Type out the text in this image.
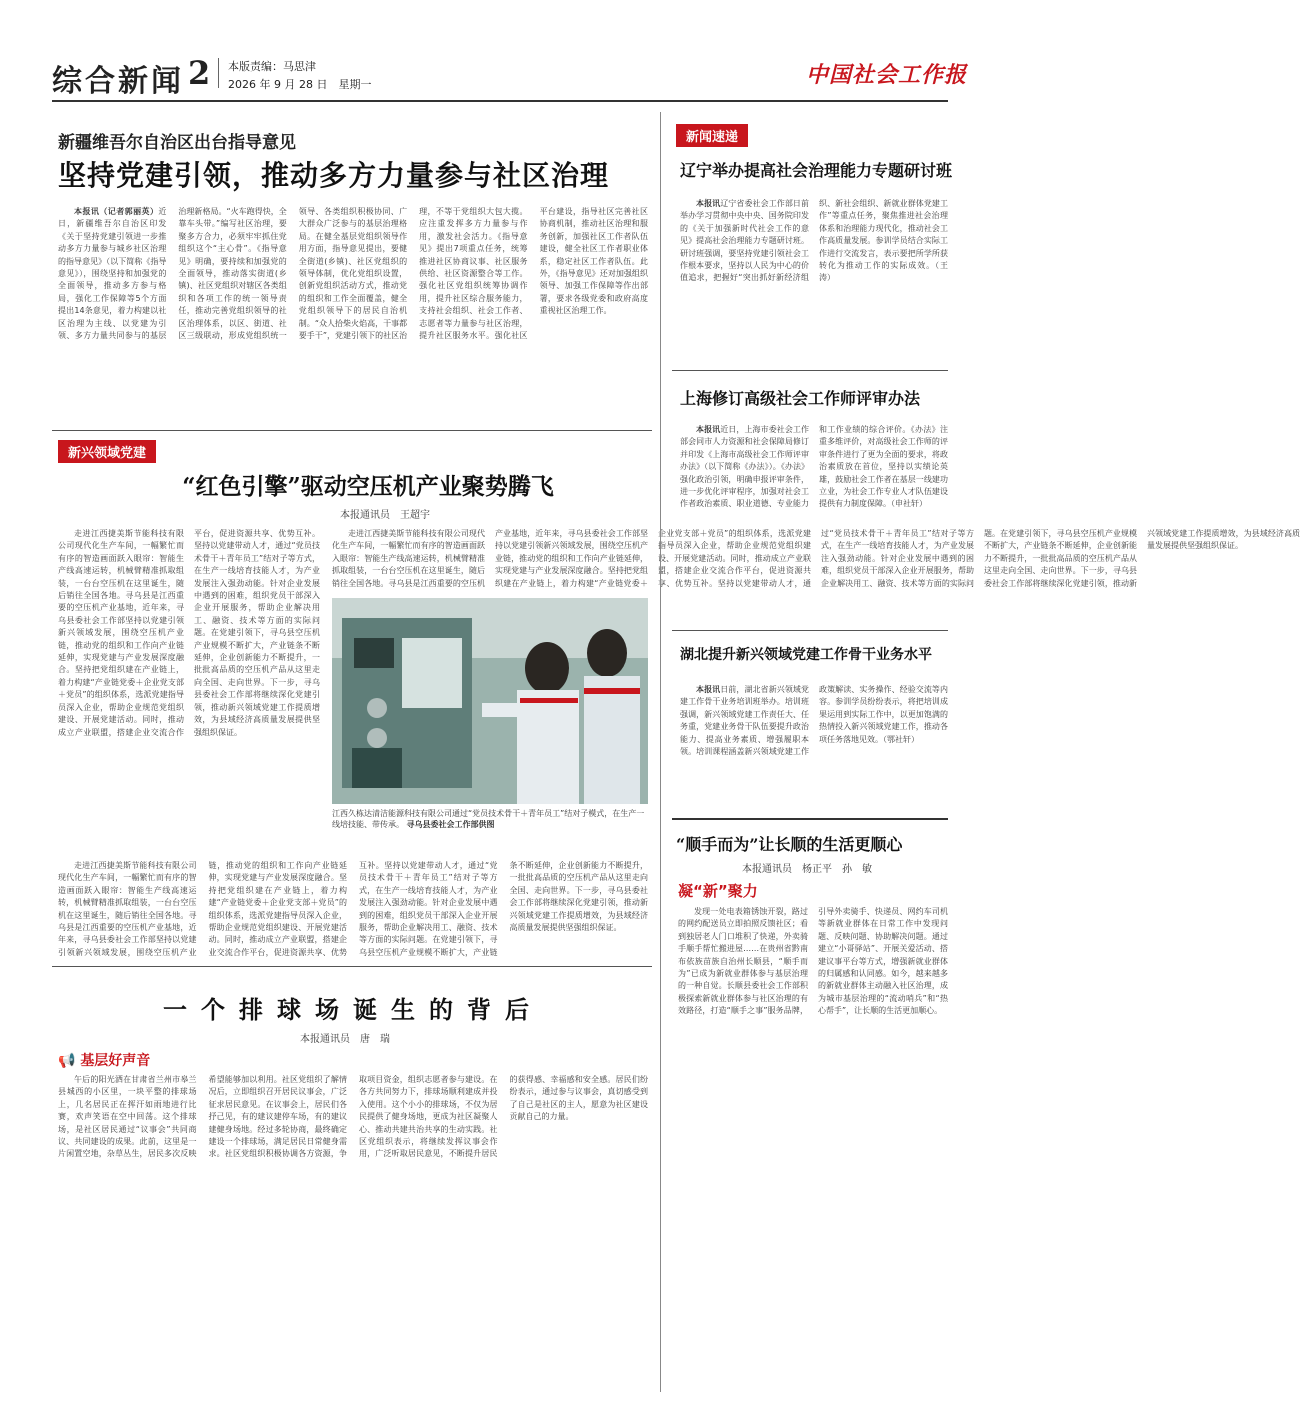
综合新闻 2 本版责编：马思津
2026 年 9 月 28 日　星期一	中国社会工作报
新疆维吾尔自治区出台指导意见
坚持党建引领，推动多方力量参与社区治理

本报讯（记者郭丽英）近日，新疆维吾尔自治区印发《关于坚持党建引领进一步推动多方力量参与城乡社区治理的指导意见》（以下简称《指导意见》），围绕坚持和加强党的全面领导，推动多方参与格局，强化工作保障等5个方面提出14条意见，着力构建以社区治理为主线、以党建为引领、多方力量共同参与的基层治理新格局。“火车跑得快，全靠车头带。”编写社区治理，要聚多方合力，必须牢牢抓住党组织这个“主心骨”。《指导意见》明确，要持续和加强党的全面领导，推动落实街道(乡镇)、社区党组织对辖区各类组织和各项工作的统一领导责任，推动完善党组织领导的社区治理体系，以区、街道、社区三级联动，形成党组织统一领导、各类组织积极协同、广大群众广泛参与的基层治理格局。在健全基层党组织领导作用方面，指导意见提出，要健全街道(乡镇)、社区党组织的领导体制，优化党组织设置，创新党组织活动方式，推动党的组织和工作全面覆盖，健全党组织领导下的居民自治机制。“众人拾柴火焰高，干事都要手干”，党建引领下的社区治理，不等于党组织大包大揽。应注重发挥多方力量参与作用，激发社会活力。《指导意见》提出7项重点任务，统筹推进社区协商议事、社区服务供给、社区资源整合等工作。强化社区党组织统筹协调作用，提升社区综合服务能力，支持社会组织、社会工作者、志愿者等力量参与社区治理，提升社区服务水平。强化社区平台建设，指导社区完善社区协商机制，推动社区治理和服务创新，加强社区工作者队伍建设，健全社区工作者职业体系，稳定社区工作者队伍。此外，《指导意见》还对加强组织领导、加强工作保障等作出部署，要求各级党委和政府高度重视社区治理工作。

新兴领域党建
“红色引擎”驱动空压机产业聚势腾飞
本报通讯员　王超宇

走进江西捷美斯节能科技有限公司现代化生产车间，一幅繁忙而有序的智造画面跃入眼帘：智能生产线高速运转，机械臂精准抓取组装，一台台空压机在这里诞生，随后销往全国各地。寻乌县是江西重要的空压机产业基地，近年来，寻乌县委社会工作部坚持以党建引领新兴领域发展，围绕空压机产业链，推动党的组织和工作向产业链延伸，实现党建与产业发展深度融合。坚持把党组织建在产业链上，着力构建“产业链党委＋企业党支部＋党员”的组织体系，选派党建指导员深入企业，帮助企业规范党组织建设、开展党建活动。同时，推动成立产业联盟，搭建企业交流合作平台，促进资源共享、优势互补。坚持以党建带动人才，通过“党员技术骨干＋青年员工”结对子等方式，在生产一线培育技能人才，为产业发展注入强劲动能。针对企业发展中遇到的困难，组织党员干部深入企业开展服务，帮助企业解决用工、融资、技术等方面的实际问题。在党建引领下，寻乌县空压机产业规模不断扩大，产业链条不断延伸，企业创新能力不断提升，一批批高品质的空压机产品从这里走向全国、走向世界。下一步，寻乌县委社会工作部将继续深化党建引领，推动新兴领域党建工作提质增效，为县域经济高质量发展提供坚强组织保证。

江西久栋达清洁能源科技有限公司通过“党员技术骨干＋青年员工”结对子模式，在生产一线培技能、带传承。 寻乌县委社会工作部供图

走进江西捷美斯节能科技有限公司现代化生产车间，一幅繁忙而有序的智造画面跃入眼帘：智能生产线高速运转，机械臂精准抓取组装，一台台空压机在这里诞生，随后销往全国各地。寻乌县是江西重要的空压机产业基地，近年来，寻乌县委社会工作部坚持以党建引领新兴领域发展，围绕空压机产业链，推动党的组织和工作向产业链延伸，实现党建与产业发展深度融合。坚持把党组织建在产业链上，着力构建“产业链党委＋企业党支部＋党员”的组织体系，选派党建指导员深入企业，帮助企业规范党组织建设、开展党建活动。同时，推动成立产业联盟，搭建企业交流合作平台，促进资源共享、优势互补。坚持以党建带动人才，通过“党员技术骨干＋青年员工”结对子等方式，在生产一线培育技能人才，为产业发展注入强劲动能。针对企业发展中遇到的困难，组织党员干部深入企业开展服务，帮助企业解决用工、融资、技术等方面的实际问题。在党建引领下，寻乌县空压机产业规模不断扩大，产业链条不断延伸，企业创新能力不断提升，一批批高品质的空压机产品从这里走向全国、走向世界。下一步，寻乌县委社会工作部将继续深化党建引领，推动新兴领域党建工作提质增效，为县域经济高质量发展提供坚强组织保证。

走进江西捷美斯节能科技有限公司现代化生产车间，一幅繁忙而有序的智造画面跃入眼帘：智能生产线高速运转，机械臂精准抓取组装，一台台空压机在这里诞生，随后销往全国各地。寻乌县是江西重要的空压机产业基地，近年来，寻乌县委社会工作部坚持以党建引领新兴领域发展，围绕空压机产业链，推动党的组织和工作向产业链延伸，实现党建与产业发展深度融合。坚持把党组织建在产业链上，着力构建“产业链党委＋企业党支部＋党员”的组织体系，选派党建指导员深入企业，帮助企业规范党组织建设、开展党建活动。同时，推动成立产业联盟，搭建企业交流合作平台，促进资源共享、优势互补。坚持以党建带动人才，通过“党员技术骨干＋青年员工”结对子等方式，在生产一线培育技能人才，为产业发展注入强劲动能。针对企业发展中遇到的困难，组织党员干部深入企业开展服务，帮助企业解决用工、融资、技术等方面的实际问题。在党建引领下，寻乌县空压机产业规模不断扩大，产业链条不断延伸，企业创新能力不断提升，一批批高品质的空压机产品从这里走向全国、走向世界。下一步，寻乌县委社会工作部将继续深化党建引领，推动新兴领域党建工作提质增效，为县域经济高质量发展提供坚强组织保证。

一个排球场诞生的背后
本报通讯员　唐　瑞
📢 基层好声音

午后的阳光洒在甘肃省兰州市皋兰县城西的小区里，一块平整的排球场上，几名居民正在挥汗如雨地进行比赛，欢声笑语在空中回荡。这个排球场，是社区居民通过“议事会”共同商议、共同建设的成果。此前，这里是一片闲置空地，杂草丛生，居民多次反映希望能够加以利用。社区党组织了解情况后，立即组织召开居民议事会，广泛征求居民意见。在议事会上，居民们各抒己见，有的建议建停车场，有的建议建健身场地。经过多轮协商，最终确定建设一个排球场，满足居民日常健身需求。社区党组织积极协调各方资源，争取项目资金，组织志愿者参与建设。在各方共同努力下，排球场顺利建成并投入使用。这个小小的排球场，不仅为居民提供了健身场地，更成为社区凝聚人心、推动共建共治共享的生动实践。社区党组织表示，将继续发挥议事会作用，广泛听取居民意见，不断提升居民的获得感、幸福感和安全感。居民们纷纷表示，通过参与议事会，真切感受到了自己是社区的主人，愿意为社区建设贡献自己的力量。

新闻速递
辽宁举办提高社会治理能力专题研讨班

本报讯辽宁省委社会工作部日前举办学习贯彻中央中央、国务院印发的《关于加强新时代社会工作的意见》提高社会治理能力专题研讨班。研讨班强调，要坚持党建引领社会工作根本要求，坚持以人民为中心的价值追求，把握好“突出抓好新经济组织、新社会组织、新就业群体党建工作”等重点任务，聚焦推进社会治理体系和治理能力现代化，推动社会工作高质量发展。参训学员结合实际工作进行交流发言，表示要把所学所获转化为推动工作的实际成效。（王　涛）

上海修订高级社会工作师评审办法

本报讯近日，上海市委社会工作部会同市人力资源和社会保障局修订并印发《上海市高级社会工作师评审办法》（以下简称《办法》）。《办法》强化政治引领，明确申报评审条件，进一步优化评审程序，加强对社会工作者政治素质、职业道德、专业能力和工作业绩的综合评价。《办法》注重多维评价，对高级社会工作师的评审条件进行了更为全面的要求，将政治素质放在首位，坚持以实绩论英雄，鼓励社会工作者在基层一线建功立业，为社会工作专业人才队伍建设提供有力制度保障。（申社轩）

湖北提升新兴领域党建工作骨干业务水平

本报讯日前，湖北省新兴领域党建工作骨干业务培训班举办。培训班强调，新兴领域党建工作责任大、任务重，党建业务骨干队伍要提升政治能力、提高业务素质、增强履职本领。培训课程涵盖新兴领域党建工作政策解读、实务操作、经验交流等内容。参训学员纷纷表示，将把培训成果运用到实际工作中，以更加饱满的热情投入新兴领域党建工作，推动各项任务落地见效。（鄂社轩）

“顺手而为”让长顺的生活更顺心
本报通讯员　杨正平　孙　敏
凝“新”聚力

发现一处电表箱锈蚀开裂，路过的网约配送员立即拍照反馈社区；看到独居老人门口堆积了快递，外卖骑手顺手帮忙搬进屋……在贵州省黔南布依族苗族自治州长顺县，“顺手而为”已成为新就业群体参与基层治理的一种自觉。长顺县委社会工作部积极探索新就业群体参与社区治理的有效路径，打造“顺手之事”服务品牌，引导外卖骑手、快递员、网约车司机等新就业群体在日常工作中发现问题、反映问题、协助解决问题。通过建立“小哥驿站”、开展关爱活动、搭建议事平台等方式，增强新就业群体的归属感和认同感。如今，越来越多的新就业群体主动融入社区治理，成为城市基层治理的“流动哨兵”和“热心帮手”，让长顺的生活更加顺心。
